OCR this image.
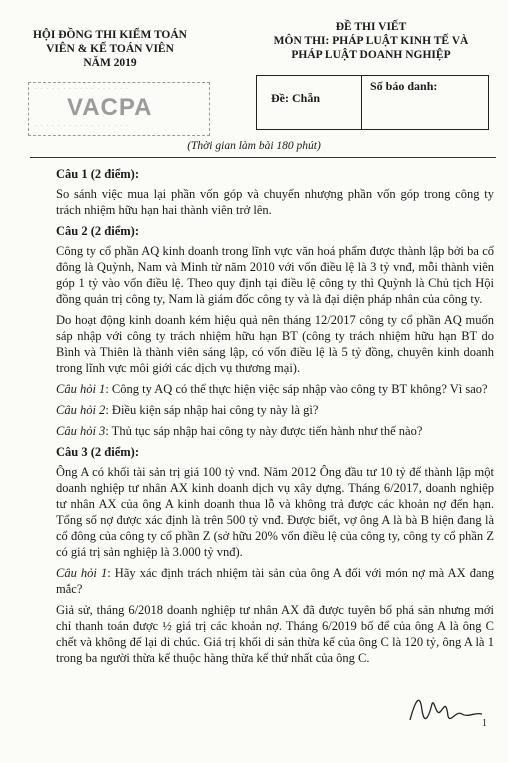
HỘI ĐỒNG THI KIỂM TOÁN
VIÊN & KẾ TOÁN VIÊN
NĂM 2019
ĐỀ THI VIẾT
MÔN THI: PHÁP LUẬT KINH TẾ VÀ
PHÁP LUẬT DOANH NGHIỆP
· · · · · · · · · · · · · · · · ·
VACPA
· · · · · · · · · · · · · · · · ·
Đề: Chẵn
Số báo danh:
(Thời gian làm bài 180 phút)
Câu 1 (2 điểm):

So sánh việc mua lại phần vốn góp và chuyển nhượng phần vốn góp trong công ty trách nhiệm hữu hạn hai thành viên trở lên.

Câu 2 (2 điểm):

Công ty cổ phần AQ kinh doanh trong lĩnh vực văn hoá phẩm được thành lập bởi ba cổ đông là Quỳnh, Nam và Minh từ năm 2010 với vốn điều lệ là 3 tỷ vnđ, mỗi thành viên góp 1 tỷ vào vốn điều lệ. Theo quy định tại điều lệ công ty thì Quỳnh là Chủ tịch Hội đồng quản trị công ty, Nam là giám đốc công ty và là đại diện pháp nhân của công ty.

Do hoạt động kinh doanh kém hiệu quả nên tháng 12/2017 công ty cổ phần AQ muốn sáp nhập với công ty trách nhiệm hữu hạn BT (công ty trách nhiệm hữu hạn BT do Bình và Thiên là thành viên sáng lập, có vốn điều lệ là 5 tỷ đồng, chuyên kinh doanh trong lĩnh vực môi giới các dịch vụ thương mại).

Câu hỏi 1: Công ty AQ có thể thực hiện việc sáp nhập vào công ty BT không? Vì sao?

Câu hỏi 2: Điều kiện sáp nhập hai công ty này là gì?

Câu hỏi 3: Thủ tục sáp nhập hai công ty này được tiến hành như thế nào?

Câu 3 (2 điểm):

Ông A có khối tài sản trị giá 100 tỷ vnđ. Năm 2012 Ông đầu tư 10 tỷ để thành lập một doanh nghiệp tư nhân AX kinh doanh dịch vụ xây dựng. Tháng 6/2017, doanh nghiệp tư nhân AX của ông A kinh doanh thua lỗ và không trả được các khoản nợ đến hạn. Tổng số nợ được xác định là trên 500 tỷ vnđ. Được biết, vợ ông A là bà B hiện đang là cổ đông của công ty cổ phần Z (sở hữu 20% vốn điều lệ của công ty, công ty cổ phần Z có giá trị sản nghiệp là 3.000 tỷ vnđ).

Câu hỏi 1: Hãy xác định trách nhiệm tài sản của ông A đối với món nợ mà AX đang mắc?

Giả sử, tháng 6/2018 doanh nghiệp tư nhân AX đã được tuyên bố phá sản nhưng mới chỉ thanh toán được ½ giá trị các khoản nợ. Tháng 6/2019 bố để của ông A là ông C chết và không để lại di chúc. Giá trị khối di sản thừa kế của ông C là 120 tỷ, ông A là 1 trong ba người thừa kế thuộc hàng thừa kế thứ nhất của ông C.

1
